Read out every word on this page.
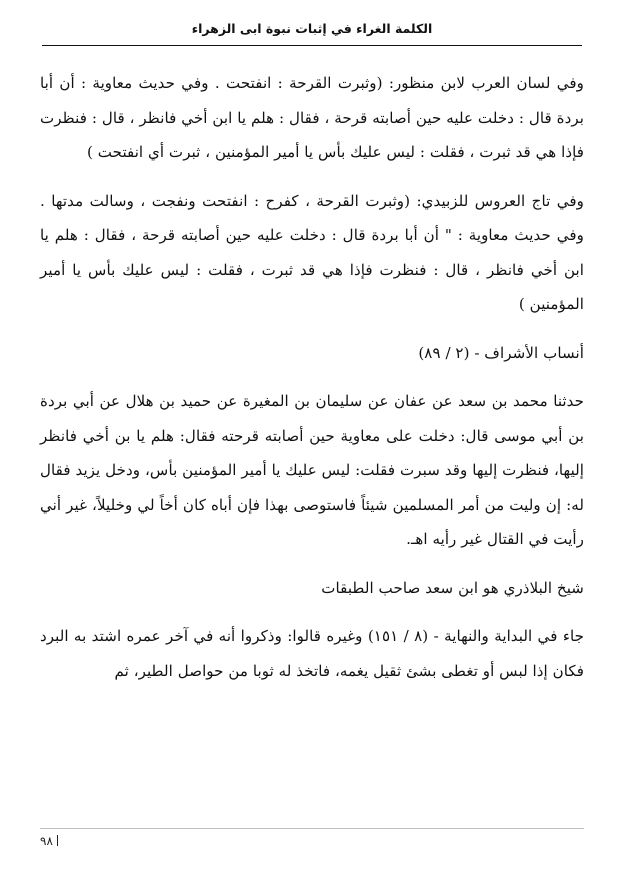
الكلمة الغراء في إثبات نبوة ابى الزهراء

وفي لسان العرب لابن منظور: (وثبرت القرحة : انفتحت . وفي حديث معاوية : أن أبا بردة قال : دخلت عليه حين أصابته قرحة ، فقال : هلم يا ابن أخي فانظر ، قال : فنظرت فإذا هي قد ثبرت ، فقلت : ليس عليك بأس يا أمير المؤمنين ، ثبرت أي انفتحت )

وفي تاج العروس للزبيدي: (وثبرت القرحة ، كفرح : انفتحت ونفجت ، وسالت مدتها . وفي حديث معاوية : " أن أبا بردة قال : دخلت عليه حين أصابته قرحة ، فقال : هلم يا ابن أخي فانظر ، قال : فنظرت فإذا هي قد ثبرت ، فقلت : ليس عليك بأس يا أمير المؤمنين )

أنساب الأشراف - (٢ / ٨٩)

حدثنا محمد بن سعد عن عفان عن سليمان بن المغيرة عن حميد بن هلال عن أبي بردة بن أبي موسى قال: دخلت على معاوية حين أصابته قرحته فقال: هلم يا بن أخي فانظر إليها، فنظرت إليها وقد سبرت فقلت: ليس عليك يا أمير المؤمنين بأس، ودخل يزيد فقال له: إن وليت من أمر المسلمين شيئاً فاستوصى بهذا فإن أباه كان أخاً لي وخليلاً، غير أني رأيت في القتال غير رأيه اهـ.

شيخ البلاذري هو ابن سعد صاحب الطبقات

جاء في البداية والنهاية - (٨ / ١٥١) وغيره قالوا: وذكروا أنه في آخر عمره اشتد به البرد فكان إذا لبس أو تغطى بشئ ثقيل يغمه، فاتخذ له ثوبا من حواصل الطير، ثم

٩٨
